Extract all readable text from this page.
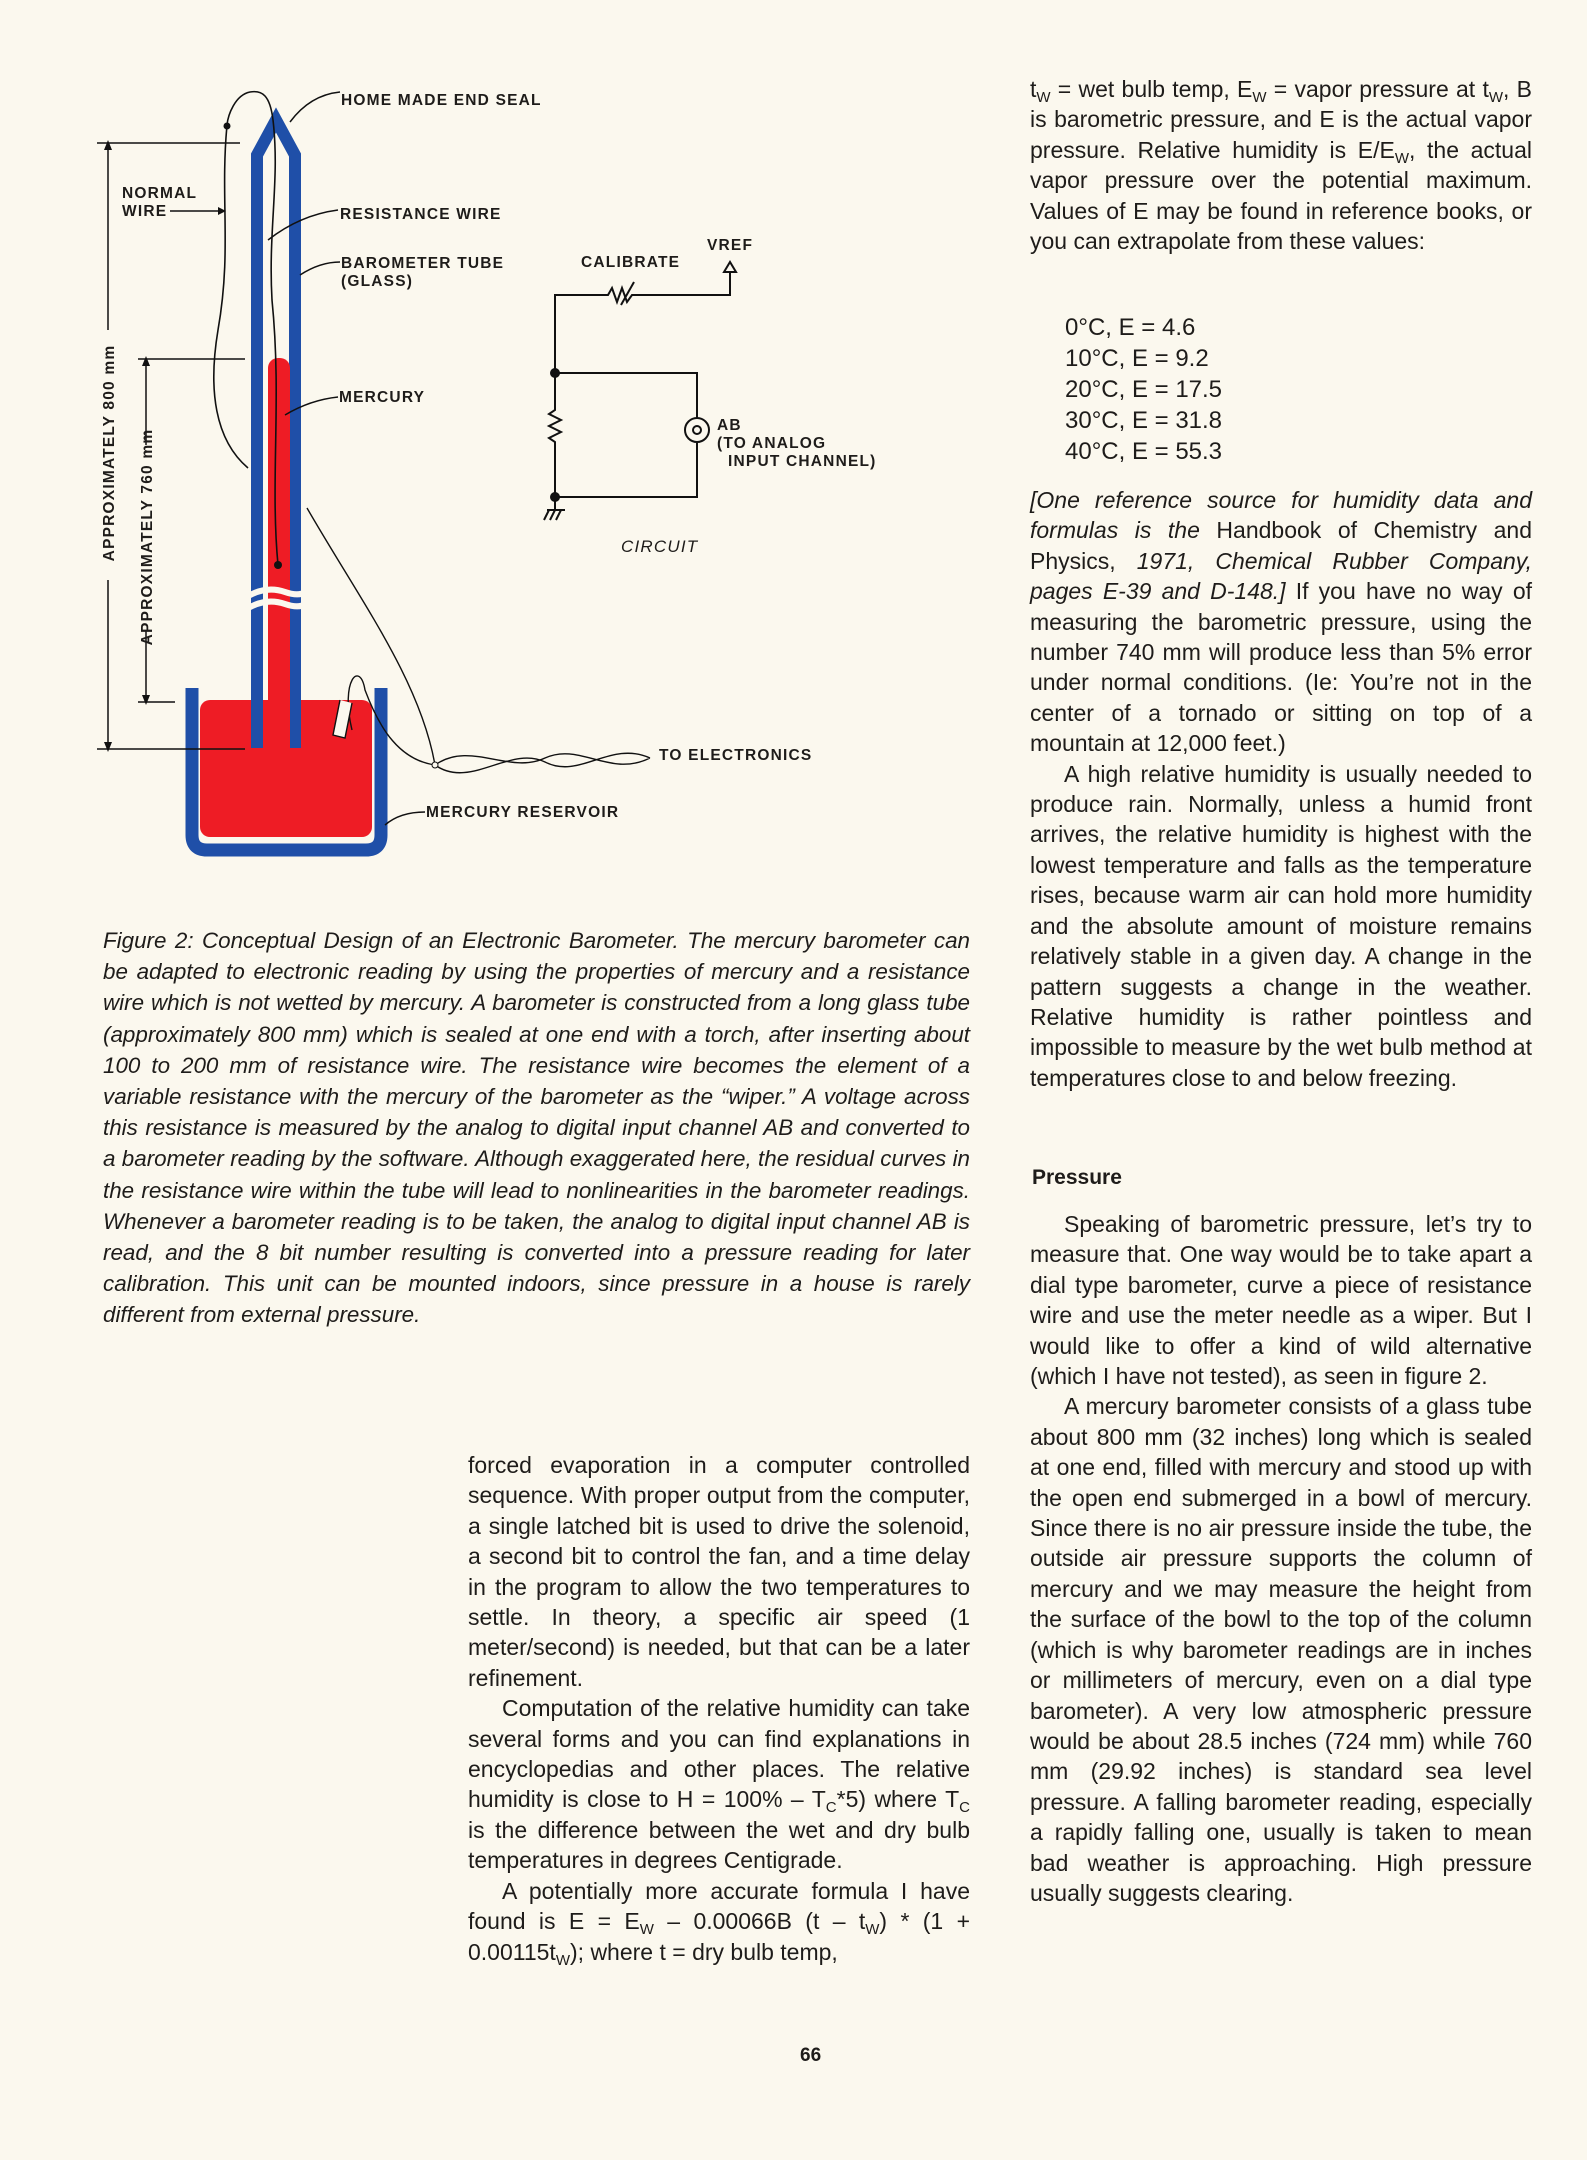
HOME MADE END SEAL
NORMAL
WIRE	RESISTANCE WIRE
BAROMETER TUBE
(GLASS)
MERCURY
APPROXIMATELY 800 mm APPROXIMATELY 760 mm
CALIBRATE
VREF
AB
(TO ANALOG
INPUT CHANNEL)
CIRCUIT
TO ELECTRONICS
MERCURY RESERVOIR
Figure 2: Conceptual Design of an Electronic Barometer. The mercury barometer can be adapted to electronic reading by using the properties of mercury and a resistance wire which is not wetted by mercury. A barometer is constructed from a long glass tube (approximately 800 mm) which is sealed at one end with a torch, after inserting about 100 to 200 mm of resistance wire. The resistance wire becomes the element of a variable resistance with the mercury of the barometer as the “wiper.” A voltage across this resistance is measured by the analog to digital input channel AB and converted to a barometer reading by the software. Although exaggerated here, the residual curves in the resistance wire within the tube will lead to nonlinearities in the barometer readings. Whenever a barometer reading is to be taken, the analog to digital input channel AB is read, and the 8 bit number resulting is converted into a pressure reading for later calibration. This unit can be mounted indoors, since pressure in a house is rarely different from external pressure.

forced evaporation in a computer controlled sequence. With proper output from the computer, a single latched bit is used to drive the solenoid, a second bit to control the fan, and a time delay in the program to allow the two temperatures to settle. In theory, a specific air speed (1 meter/second) is needed, but that can be a later refinement.

Computation of the relative humidity can take several forms and you can find explanations in encyclopedias and other places. The relative humidity is close to $H = 100\% - T_C*5$) where $T_C$ is the difference between the wet and dry bulb temperatures in degrees Centigrade.

A potentially more accurate formula I have found is $E = E_W - 0.00066B$ $(t - t_W) * (1 + 0.00115t_W)$; where t = dry bulb temp,

$t_W$ = wet bulb temp, $E_W$ = vapor pressure at $t_W$, B is barometric pressure, and E is the actual vapor pressure. Relative humidity is $E/E_W$, the actual vapor pressure over the potential maximum. Values of E may be found in reference books, or you can extrapolate from these values:

0°C, E = 4.6
10°C, E = 9.2
20°C, E = 17.5
30°C, E = 31.8
40°C, E = 55.3

[One reference source for humidity data and formulas is the Handbook of Chemistry and Physics, 1971, Chemical Rubber Company, pages E-39 and D-148.] If you have no way of measuring the barometric pressure, using the number 740 mm will produce less than 5% error under normal conditions. (Ie: You’re not in the center of a tornado or sitting on top of a mountain at 12,000 feet.)

A high relative humidity is usually needed to produce rain. Normally, unless a humid front arrives, the relative humidity is highest with the lowest temperature and falls as the temperature rises, because warm air can hold more humidity and the absolute amount of moisture remains relatively stable in a given day. A change in the pattern suggests a change in the weather. Relative humidity is rather pointless and impossible to measure by the wet bulb method at temperatures close to and below freezing.

Pressure

Speaking of barometric pressure, let’s try to measure that. One way would be to take apart a dial type barometer, curve a piece of resistance wire and use the meter needle as a wiper. But I would like to offer a kind of wild alternative (which I have not tested), as seen in figure 2.

A mercury barometer consists of a glass tube about 800 mm (32 inches) long which is sealed at one end, filled with mercury and stood up with the open end submerged in a bowl of mercury. Since there is no air pressure inside the tube, the outside air pressure supports the column of mercury and we may measure the height from the surface of the bowl to the top of the column (which is why barometer readings are in inches or millimeters of mercury, even on a dial type barometer). A very low atmospheric pressure would be about 28.5 inches (724 mm) while 760 mm (29.92 inches) is standard sea level pressure. A falling barometer reading, especially a rapidly falling one, usually is taken to mean bad weather is approaching. High pressure usually suggests clearing.

66
